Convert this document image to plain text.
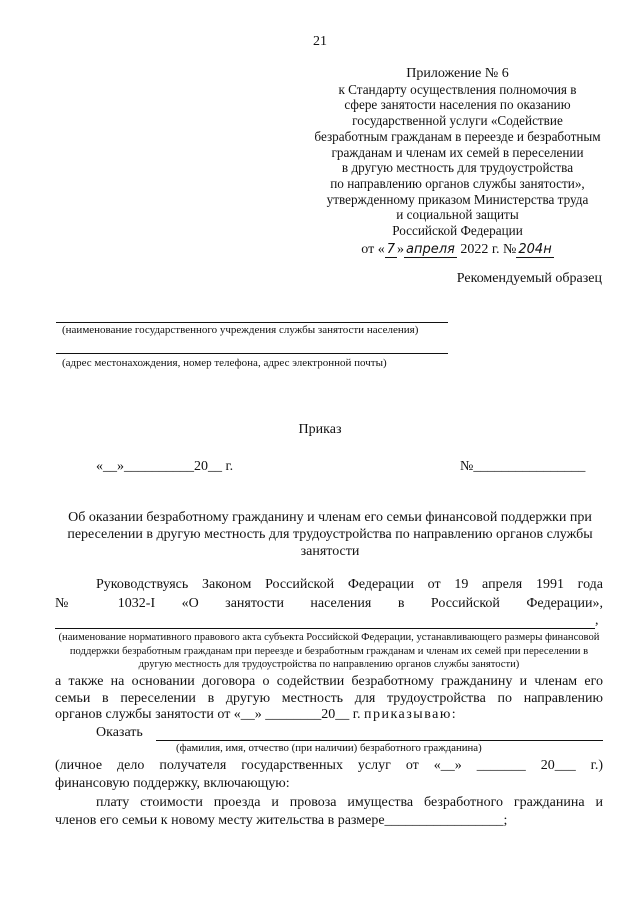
21
Приложение № 6
к Стандарту осуществления полномочия в
сфере занятости населения по оказанию
государственной услуги «Содействие
безработным гражданам в переезде и безработным
гражданам и членам их семей в переселении
в другую местность для трудоустройства
по направлению органов службы занятости»,
утвержденному приказом Министерства труда
и социальной защиты
Российской Федерации
от « 7 » апреля 2022 г. № 204н
Рекомендуемый образец
(наименование государственного учреждения службы занятости населения)
(адрес местонахождения, номер телефона, адрес электронной почты)
Приказ
«__»__________20__ г.	№________________
Об оказании безработному гражданину и членам его семьи финансовой поддержки при переселении в другую местность для трудоустройства по направлению органов службы занятости
Руководствуясь Законом Российской Федерации от 19 апреля 1991 года
№ 1032-I «О занятости населения в Российской Федерации»,
,
(наименование нормативного правового акта субъекта Российской Федерации, устанавливающего размеры финансовой поддержки безработным гражданам при переезде и безработным гражданам и членам их семей при переселении в другую местность для трудоустройства по направлению органов службы занятости)
а также на основании договора о содействии безработному гражданину и членам его
семьи в переселении в другую местность для трудоустройства по направлению
органов службы занятости от «__» ________20__ г. приказываю:
Оказать
(фамилия, имя, отчество (при наличии) безработного гражданина)
(личное дело получателя государственных услуг от «__» _______ 20___ г.)
финансовую поддержку, включающую:
плату стоимости проезда и провоза имущества безработного гражданина и
членов его семьи к новому месту жительства в размере_________________;
